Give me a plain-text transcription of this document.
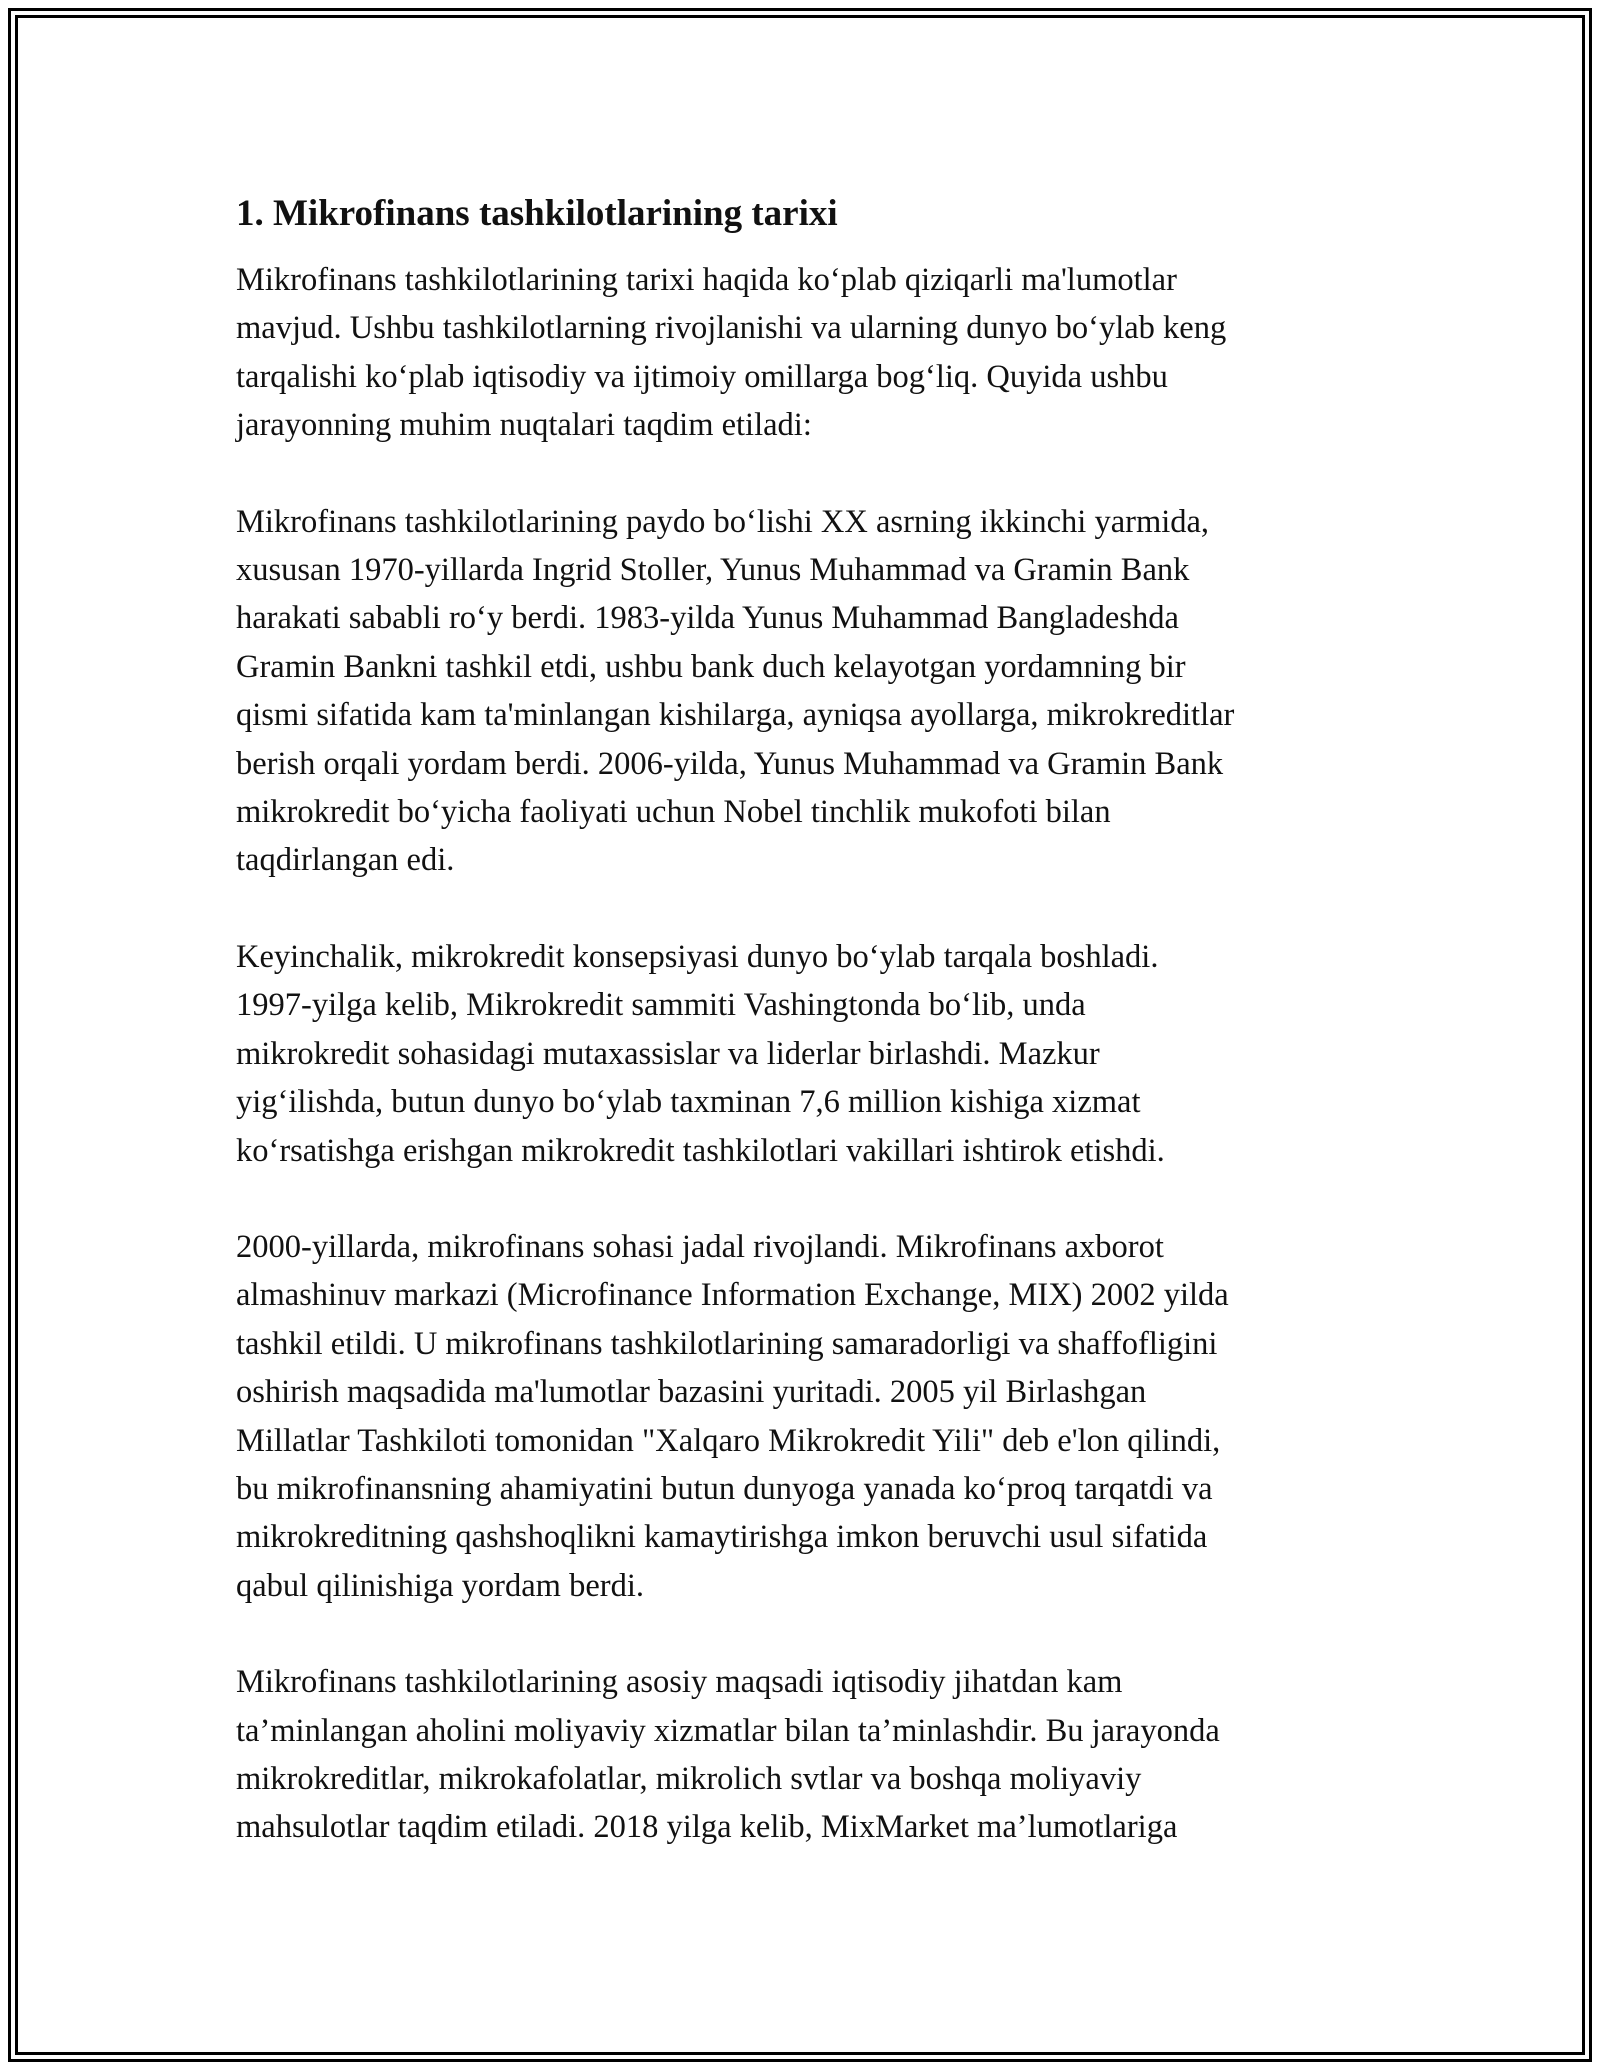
1. Mikrofinans tashkilotlarining tarixi

Mikrofinans tashkilotlarining tarixi haqida ko‘plab qiziqarli ma'lumotlar
mavjud. Ushbu tashkilotlarning rivojlanishi va ularning dunyo bo‘ylab keng
tarqalishi ko‘plab iqtisodiy va ijtimoiy omillarga bog‘liq. Quyida ushbu
jarayonning muhim nuqtalari taqdim etiladi:

Mikrofinans tashkilotlarining paydo bo‘lishi XX asrning ikkinchi yarmida,
xususan 1970-yillarda Ingrid Stoller, Yunus Muhammad va Gramin Bank
harakati sababli ro‘y berdi. 1983-yilda Yunus Muhammad Bangladeshda
Gramin Bankni tashkil etdi, ushbu bank duch kelayotgan yordamning bir
qismi sifatida kam ta'minlangan kishilarga, ayniqsa ayollarga, mikrokreditlar
berish orqali yordam berdi. 2006-yilda, Yunus Muhammad va Gramin Bank
mikrokredit bo‘yicha faoliyati uchun Nobel tinchlik mukofoti bilan
taqdirlangan edi.

Keyinchalik, mikrokredit konsepsiyasi dunyo bo‘ylab tarqala boshladi.
1997-yilga kelib, Mikrokredit sammiti Vashingtonda bo‘lib, unda
mikrokredit sohasidagi mutaxassislar va liderlar birlashdi. Mazkur
yig‘ilishda, butun dunyo bo‘ylab taxminan 7,6 million kishiga xizmat
ko‘rsatishga erishgan mikrokredit tashkilotlari vakillari ishtirok etishdi.

2000-yillarda, mikrofinans sohasi jadal rivojlandi. Mikrofinans axborot
almashinuv markazi (Microfinance Information Exchange, MIX) 2002 yilda
tashkil etildi. U mikrofinans tashkilotlarining samaradorligi va shaffofligini
oshirish maqsadida ma'lumotlar bazasini yuritadi. 2005 yil Birlashgan
Millatlar Tashkiloti tomonidan "Xalqaro Mikrokredit Yili" deb e'lon qilindi,
bu mikrofinansning ahamiyatini butun dunyoga yanada ko‘proq tarqatdi va
mikrokreditning qashshoqlikni kamaytirishga imkon beruvchi usul sifatida
qabul qilinishiga yordam berdi.

Mikrofinans tashkilotlarining asosiy maqsadi iqtisodiy jihatdan kam
ta’minlangan aholini moliyaviy xizmatlar bilan ta’minlashdir. Bu jarayonda
mikrokreditlar, mikrokafolatlar, mikrolich svtlar va boshqa moliyaviy
mahsulotlar taqdim etiladi. 2018 yilga kelib, MixMarket ma’lumotlariga
